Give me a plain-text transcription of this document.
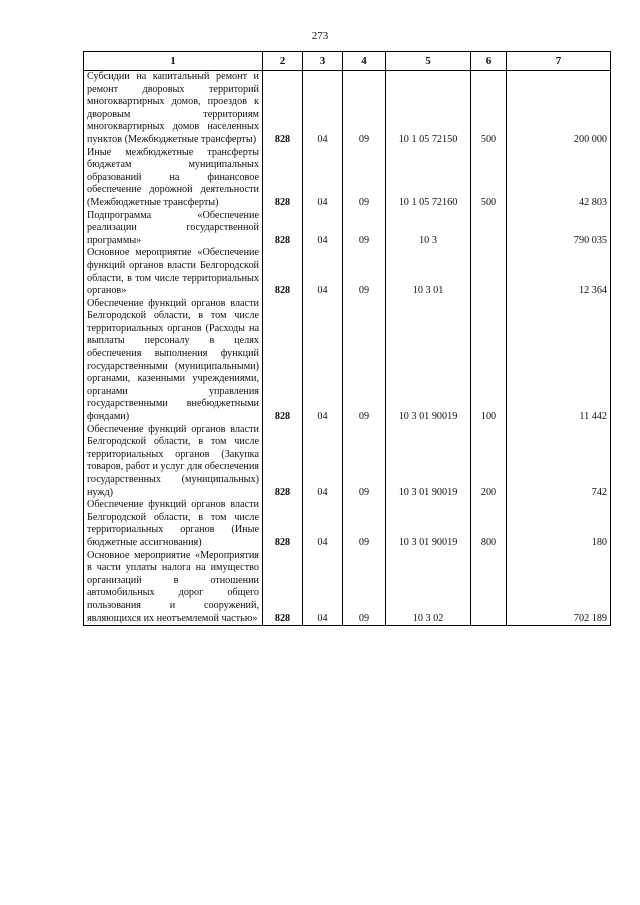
273
1	2	3	4	5	6	7
Субсидии на капитальный ремонт и ремонт дворовых территорий многоквартирных домов, проездов к дворовым территориям многоквартирных домов населенных пунктов (Межбюджетные трансферты)	828	04	09	10 1 05 72150	500	200 000
Иные межбюджетные трансферты бюджетам муниципальных образований на финансовое обеспечение дорожной деятельности (Межбюджетные трансферты)	828	04	09	10 1 05 72160	500	42 803
Подпрограмма «Обеспечение реализации государственной программы»	828	04	09	10 3		790 035
Основное мероприятие «Обеспечение функций органов власти Белгородской области, в том числе территориальных органов»	828	04	09	10 3 01		12 364
Обеспечение функций органов власти Белгородской области, в том числе территориальных органов (Расходы на выплаты персоналу в целях обеспечения выполнения функций государственными (муниципальными) органами, казенными учреждениями, органами управления государственными внебюджетными фондами)	828	04	09	10 3 01 90019	100	11 442
Обеспечение функций органов власти Белгородской области, в том числе территориальных органов (Закупка товаров, работ и услуг для обеспечения государственных (муниципальных) нужд)	828	04	09	10 3 01 90019	200	742
Обеспечение функций органов власти Белгородской области, в том числе территориальных органов (Иные бюджетные ассигнования)	828	04	09	10 3 01 90019	800	180
Основное мероприятие «Мероприятия в части уплаты налога на имущество организаций в отношении автомобильных дорог общего пользования и сооружений, являющихся их неотъемлемой частью»	828	04	09	10 3 02		702 189
